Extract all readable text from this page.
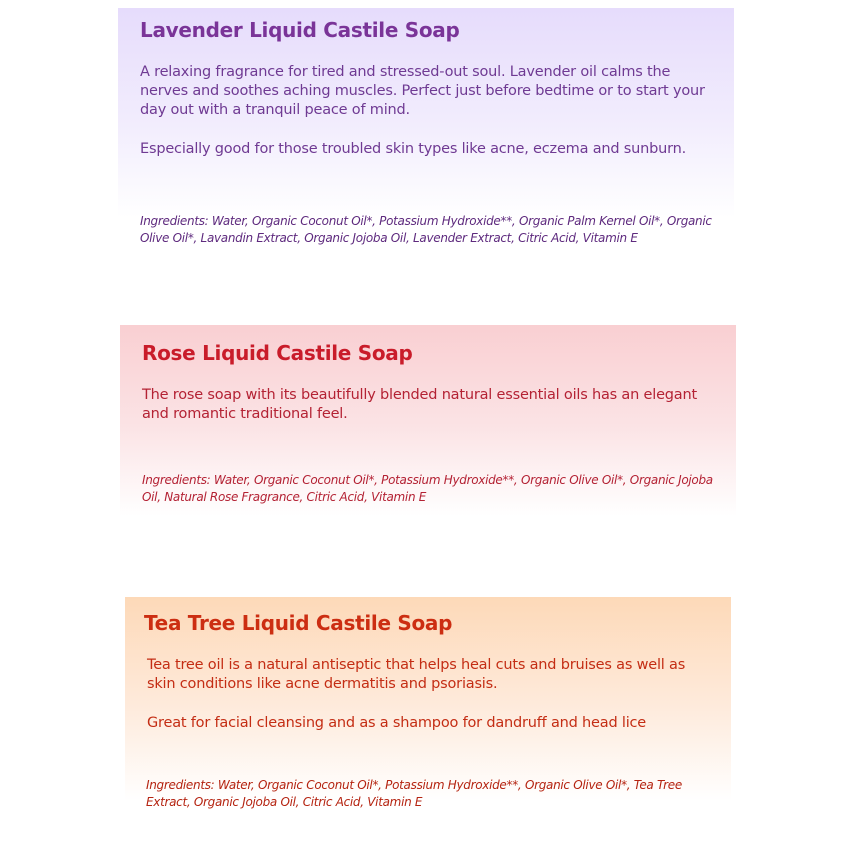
Lavender Liquid Castile Soap

A relaxing fragrance for tired and stressed-out soul. Lavender oil calms the nerves and soothes aching muscles. Perfect just before bedtime or to start your day out with a tranquil peace of mind.

Especially good for those troubled skin types like acne, eczema and sunburn.

Ingredients: Water, Organic Coconut Oil*, Potassium Hydroxide**, Organic Palm Kernel Oil*, Organic Olive Oil*, Lavandin Extract, Organic Jojoba Oil, Lavender Extract, Citric Acid, Vitamin E

Rose Liquid Castile Soap

The rose soap with its beautifully blended natural essential oils has an elegant and romantic traditional feel.

Ingredients: Water, Organic Coconut Oil*, Potassium Hydroxide**, Organic Olive Oil*, Organic Jojoba Oil, Natural Rose Fragrance, Citric Acid, Vitamin E

Tea Tree Liquid Castile Soap

Tea tree oil is a natural antiseptic that helps heal cuts and bruises as well as skin conditions like acne dermatitis and psoriasis.

Great for facial cleansing and as a shampoo for dandruff and head lice

Ingredients: Water, Organic Coconut Oil*, Potassium Hydroxide**, Organic Olive Oil*, Tea Tree Extract, Organic Jojoba Oil, Citric Acid, Vitamin E
